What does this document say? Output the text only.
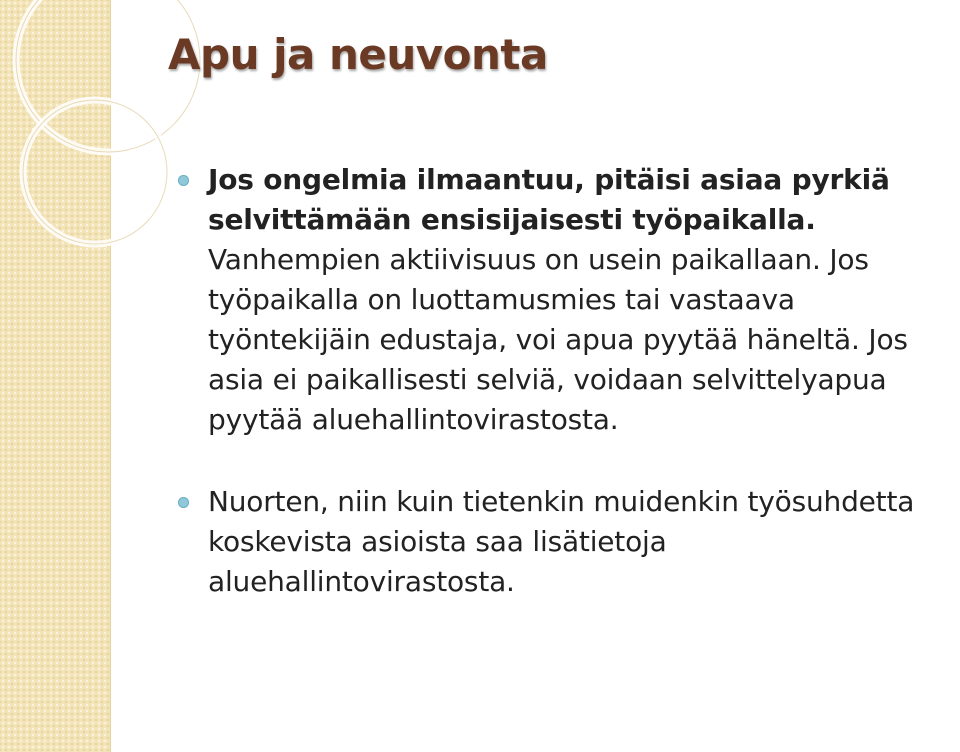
Apu ja neuvonta
Jos ongelmia ilmaantuu, pitäisi asiaa pyrkiä selvittämään ensisijaisesti työpaikalla. Vanhempien aktiivisuus on usein paikallaan. Jos työpaikalla on luottamusmies tai vastaava työntekijäin edustaja, voi apua pyytää häneltä. Jos asia ei paikallisesti selviä, voidaan selvittelyapua pyytää aluehallintovirastosta.
Nuorten, niin kuin tietenkin muidenkin työsuhdetta koskevista asioista saa lisätietoja aluehallintovirastosta.
